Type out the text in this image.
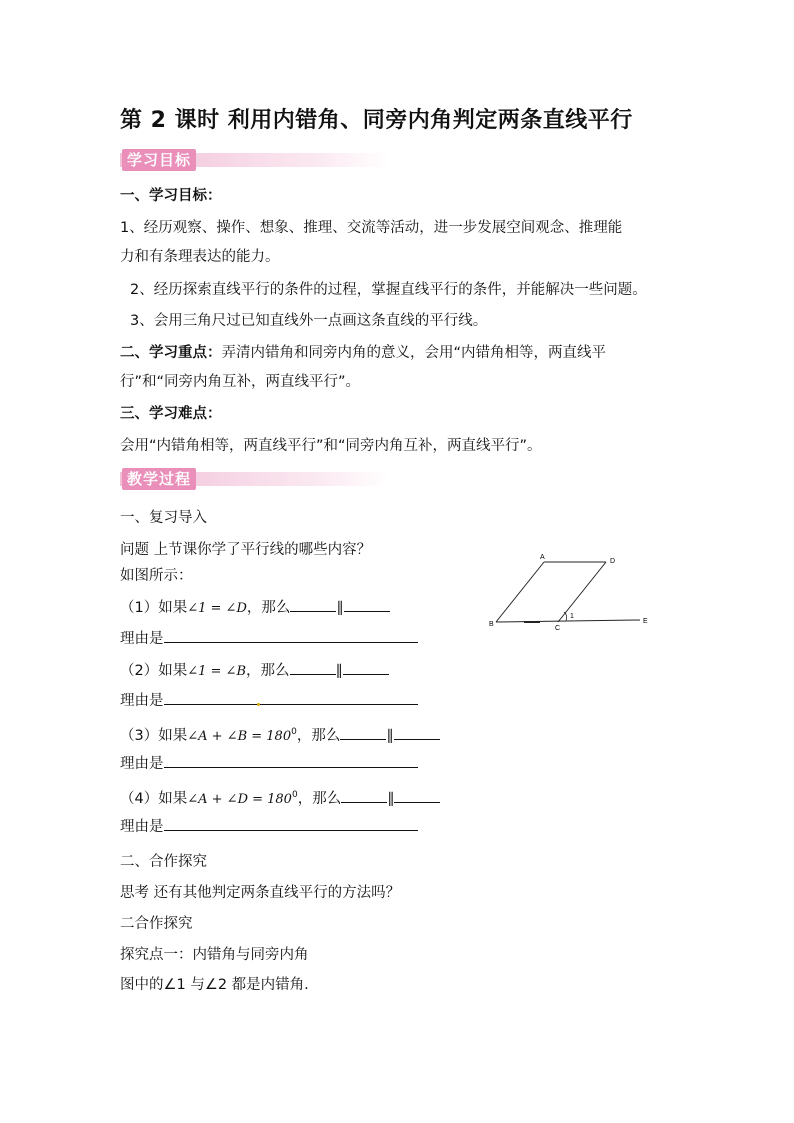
第 2 课时 利用内错角、同旁内角判定两条直线平行
学习目标
一、学习目标：
1、经历观察、操作、想象、推理、交流等活动，进一步发展空间观念、推理能
力和有条理表达的能力。
2、经历探索直线平行的条件的过程，掌握直线平行的条件，并能解决一些问题。
3、会用三角尺过已知直线外一点画这条直线的平行线。
二、学习重点：弄清内错角和同旁内角的意义，会用“内错角相等，两直线平
行”和“同旁内角互补，两直线平行”。
三、学习难点：
会用“内错角相等，两直线平行”和“同旁内角互补，两直线平行”。
教学过程
一、复习导入
问题 上节课你学了平行线的哪些内容？
如图所示：
（1）如果∠1 = ∠D，那么	∥
理由是
（2）如果∠1 = ∠B，那么	∥
理由是
（3）如果∠A + ∠B = $180^0$，那么	∥
理由是
（4）如果∠A + ∠D = $180^0$，那么	∥
理由是
二、合作探究
思考 还有其他判定两条直线平行的方法吗？
二合作探究
探究点一：内错角与同旁内角
图中的∠1 与∠2 都是内错角.
A
D
B
C
E
1
